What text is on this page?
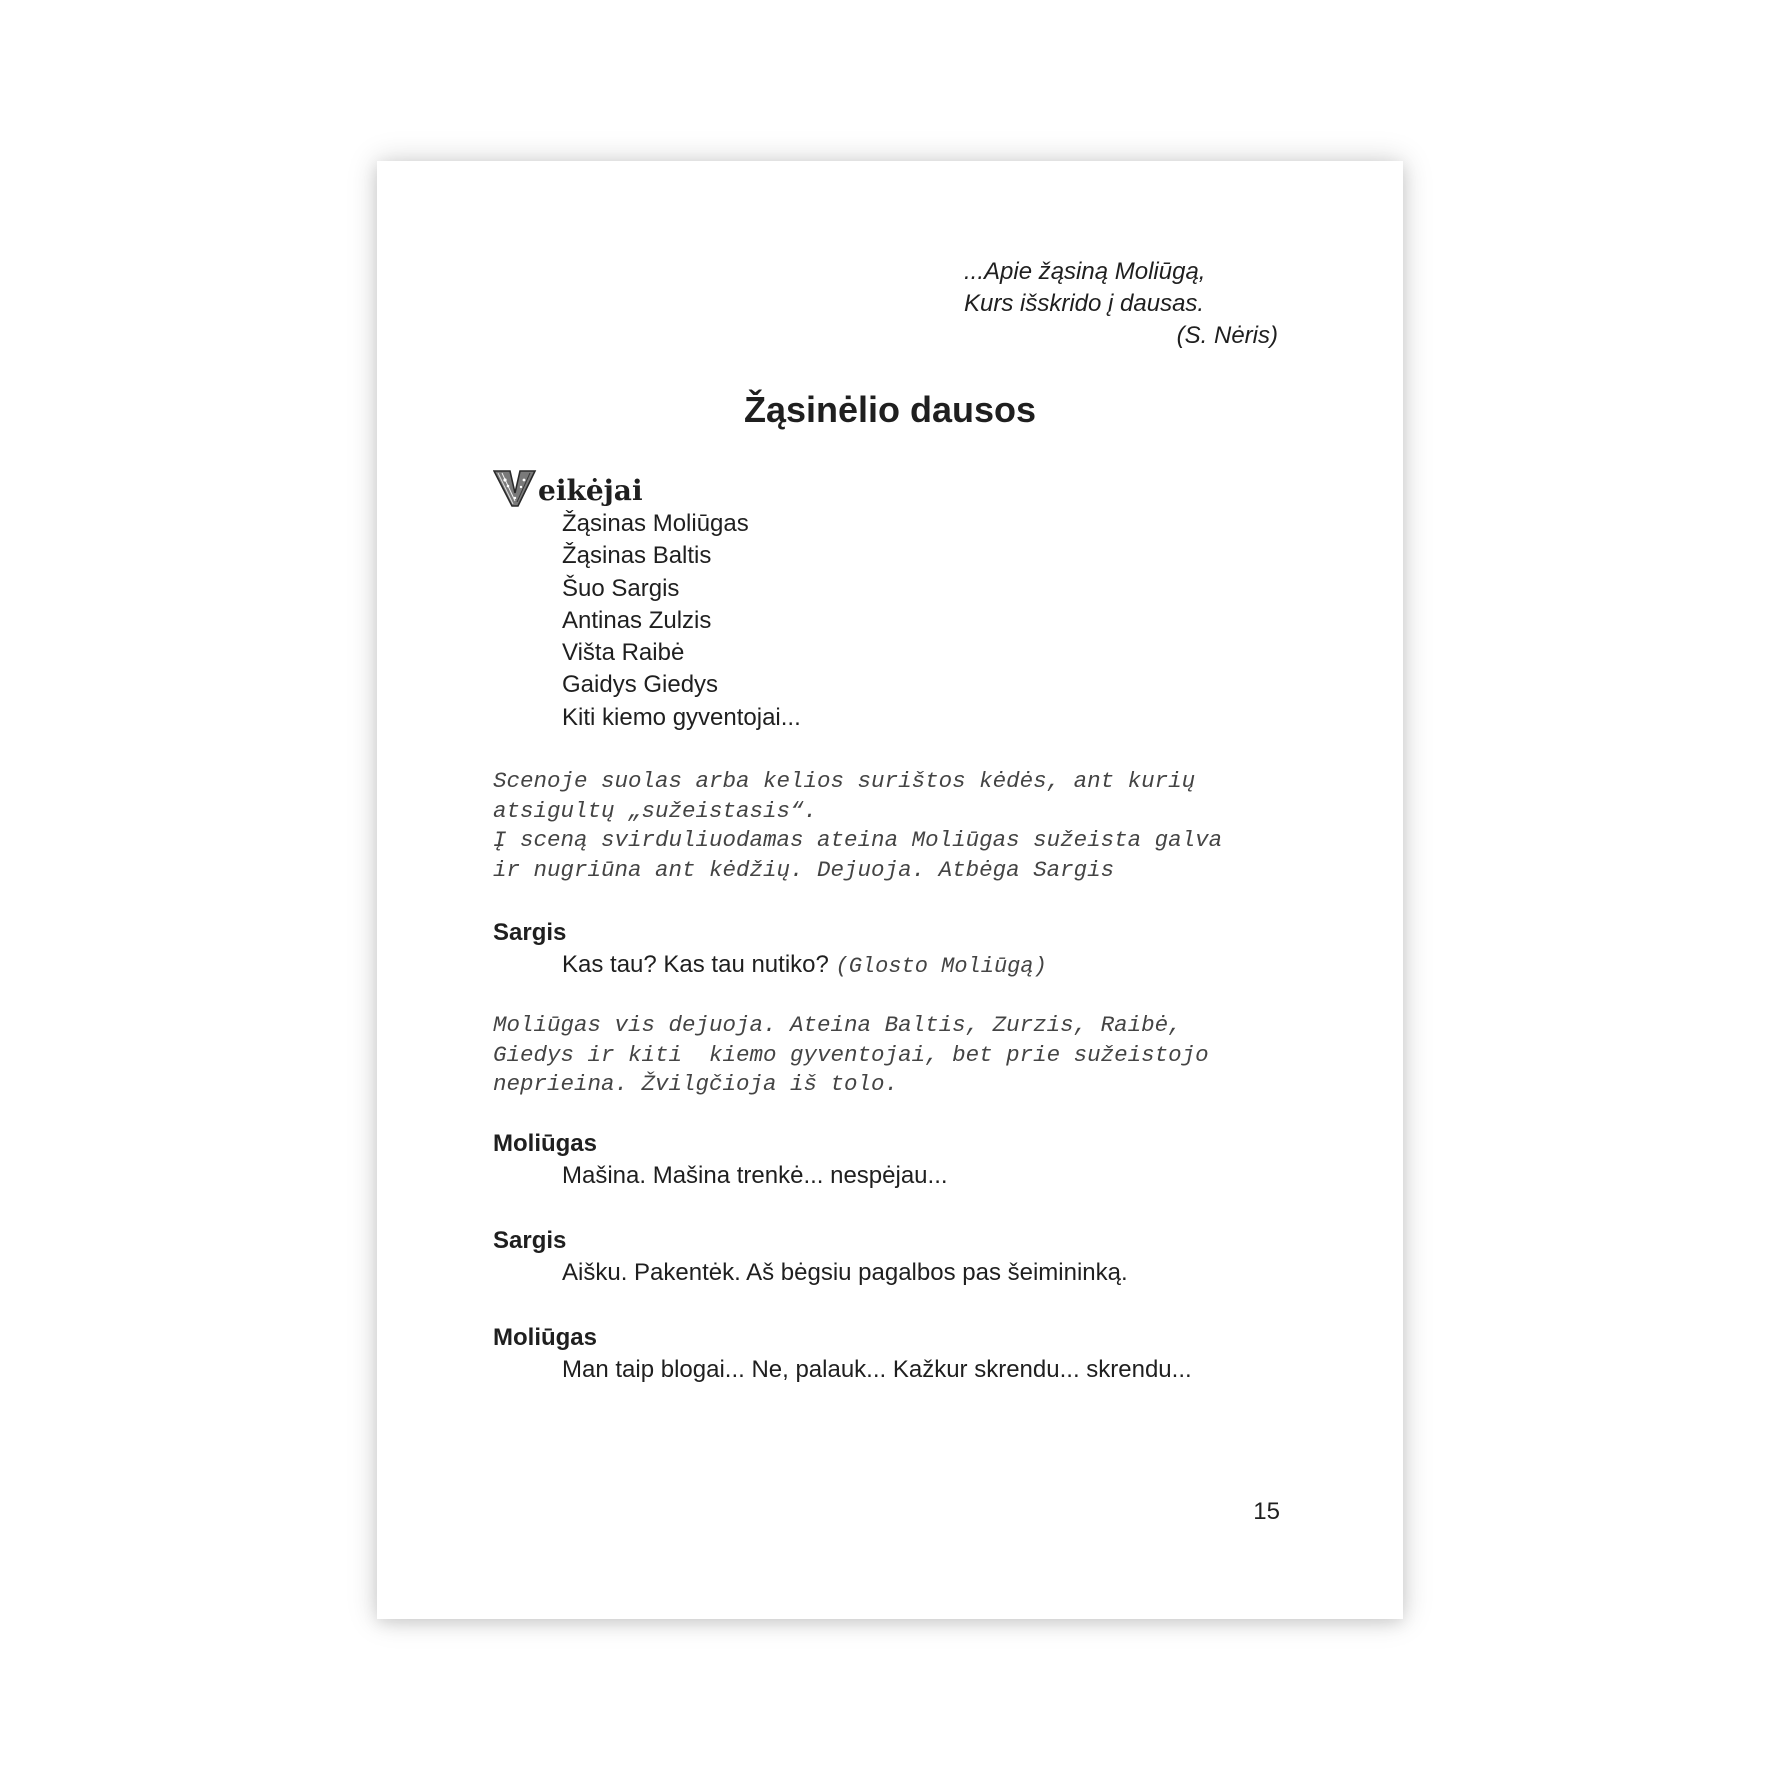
...Apie žąsiną Moliūgą,
Kurs išskrido į dausas.

(S. Nėris)
Žąsinėlio dausos
eikėjai
Žąsinas Moliūgas
Žąsinas Baltis
Šuo Sargis
Antinas Zulzis
Višta Raibė
Gaidys Giedys
Kiti kiemo gyventojai...
Scenoje suolas arba kelios surištos kėdės, ant kurių
atsigultų „sužeistasis“.
Į sceną svirduliuodamas ateina Moliūgas sužeista galva
ir nugriūna ant kėdžių. Dejuoja. Atbėga Sargis
Sargis
Kas tau? Kas tau nutiko? (Glosto Moliūgą)
Moliūgas vis dejuoja. Ateina Baltis, Zurzis, Raibė,
Giedys ir kiti  kiemo gyventojai, bet prie sužeistojo
neprieina. Žvilgčioja iš tolo.
Moliūgas
Mašina. Mašina trenkė... nespėjau...
Sargis
Aišku. Pakentėk. Aš bėgsiu pagalbos pas šeimininką.
Moliūgas
Man taip blogai... Ne, palauk... Kažkur skrendu... skrendu...
15
